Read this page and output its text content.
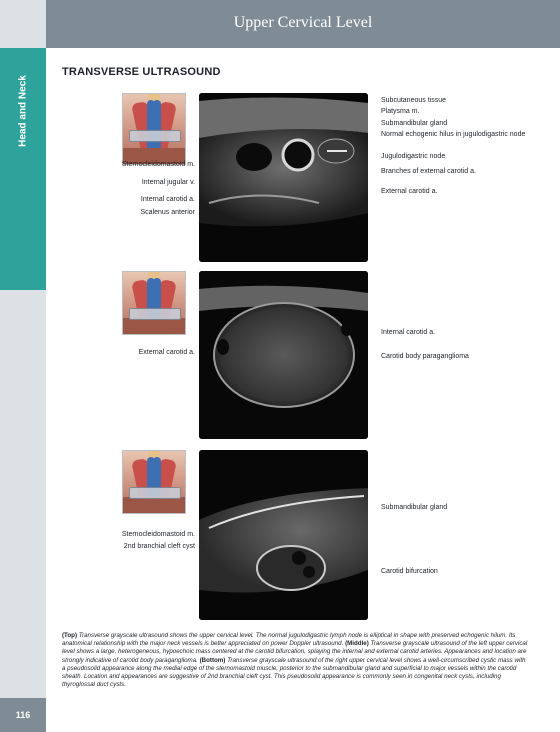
Head and Neck
116
Upper Cervical Level
TRANSVERSE ULTRASOUND
Sternocleidomastoid m.
Internal jugular v.
Internal carotid a.
Scalenus anterior
Subcutaneous tissue
Platysma m.
Submandibular gland
Normal echogenic hilus in jugulodigastric node
Jugulodigastric node
Branches of external carotid a.
External carotid a.
External carotid a.
Internal carotid a.
Carotid body paraganglioma
Sternocleidomastoid m.
2nd branchial cleft cyst
Submandibular gland
Carotid bifurcation
(Top) Transverse grayscale ultrasound shows the upper cervical level. The normal jugulodigastric lymph node is elliptical in shape with preserved echogenic hilum. Its anatomical relationship with the major neck vessels is better appreciated on power Doppler ultrasound. (Middle) Transverse grayscale ultrasound of the left upper cervical level shows a large, heterogeneous, hypoechoic mass centered at the carotid bifurcation, splaying the internal and external carotid arteries. Appearances and location are strongly indicative of carotid body paraganglioma. (Bottom) Transverse grayscale ultrasound of the right upper cervical level shows a well-circumscribed cystic mass with a pseudosolid appearance along the medial edge of the sternomastoid muscle, posterior to the submandibular gland and superficial to major vessels within the carotid sheath. Location and appearances are suggestive of 2nd branchial cleft cyst. This pseudosolid appearance is commonly seen in congenital neck cysts, including thyroglossal duct cysts.
